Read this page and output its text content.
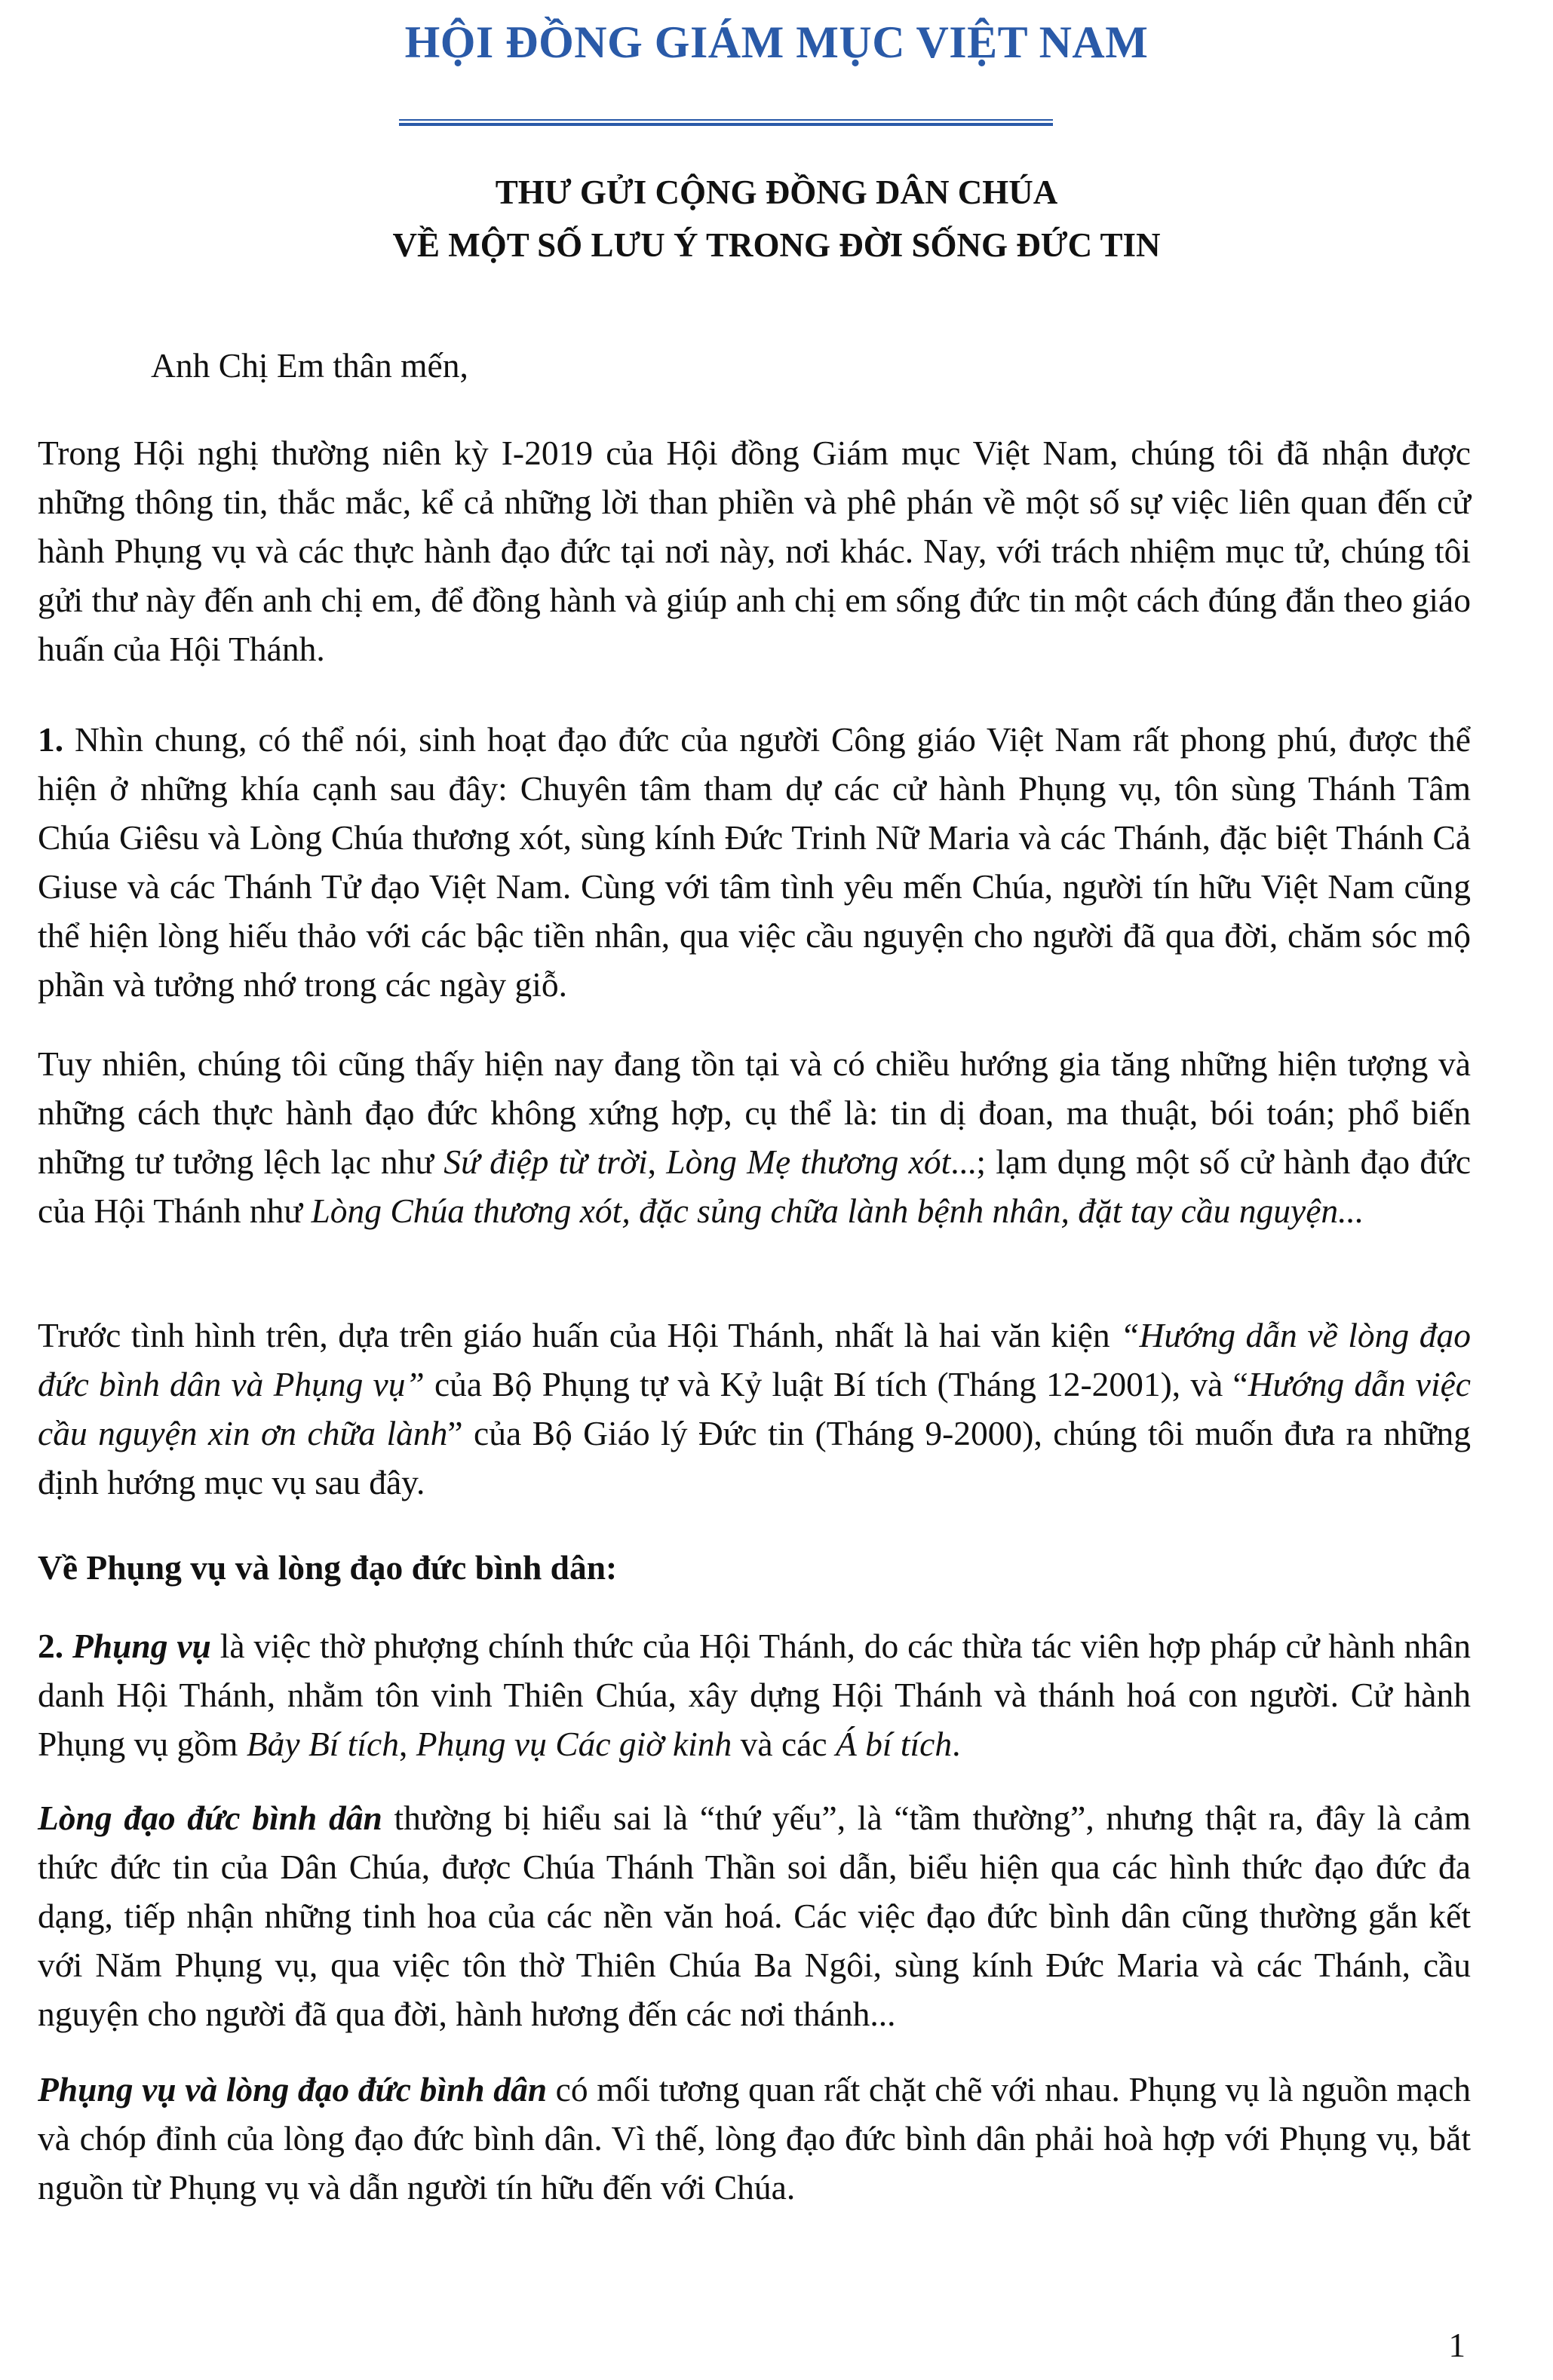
HỘI ĐỒNG GIÁM MỤC VIỆT NAM
THƯ GỬI CỘNG ĐỒNG DÂN CHÚA
VỀ MỘT SỐ LƯU Ý TRONG ĐỜI SỐNG ĐỨC TIN

Anh Chị Em thân mến,

Trong Hội nghị thường niên kỳ I-2019 của Hội đồng Giám mục Việt Nam, chúng tôi đã nhận được những thông tin, thắc mắc, kể cả những lời than phiền và phê phán về một số sự việc liên quan đến cử hành Phụng vụ và các thực hành đạo đức tại nơi này, nơi khác. Nay, với trách nhiệm mục tử, chúng tôi gửi thư này đến anh chị em, để đồng hành và giúp anh chị em sống đức tin một cách đúng đắn theo giáo huấn của Hội Thánh.

1. Nhìn chung, có thể nói, sinh hoạt đạo đức của người Công giáo Việt Nam rất phong phú, được thể hiện ở những khía cạnh sau đây: Chuyên tâm tham dự các cử hành Phụng vụ, tôn sùng Thánh Tâm Chúa Giêsu và Lòng Chúa thương xót, sùng kính Đức Trinh Nữ Maria và các Thánh, đặc biệt Thánh Cả Giuse và các Thánh Tử đạo Việt Nam. Cùng với tâm tình yêu mến Chúa, người tín hữu Việt Nam cũng thể hiện lòng hiếu thảo với các bậc tiền nhân, qua việc cầu nguyện cho người đã qua đời, chăm sóc mộ phần và tưởng nhớ trong các ngày giỗ.

Tuy nhiên, chúng tôi cũng thấy hiện nay đang tồn tại và có chiều hướng gia tăng những hiện tượng và những cách thực hành đạo đức không xứng hợp, cụ thể là: tin dị đoan, ma thuật, bói toán; phổ biến những tư tưởng lệch lạc như Sứ điệp từ trời, Lòng Mẹ thương xót...; lạm dụng một số cử hành đạo đức của Hội Thánh như Lòng Chúa thương xót, đặc sủng chữa lành bệnh nhân, đặt tay cầu nguyện...

Trước tình hình trên, dựa trên giáo huấn của Hội Thánh, nhất là hai văn kiện “Hướng dẫn về lòng đạo đức bình dân và Phụng vụ” của Bộ Phụng tự và Kỷ luật Bí tích (Tháng 12-2001), và “Hướng dẫn việc cầu nguyện xin ơn chữa lành” của Bộ Giáo lý Đức tin (Tháng 9-2000), chúng tôi muốn đưa ra những định hướng mục vụ sau đây.

Về Phụng vụ và lòng đạo đức bình dân:

2. Phụng vụ là việc thờ phượng chính thức của Hội Thánh, do các thừa tác viên hợp pháp cử hành nhân danh Hội Thánh, nhằm tôn vinh Thiên Chúa, xây dựng Hội Thánh và thánh hoá con người. Cử hành Phụng vụ gồm Bảy Bí tích, Phụng vụ Các giờ kinh và các Á bí tích.

Lòng đạo đức bình dân thường bị hiểu sai là “thứ yếu”, là “tầm thường”, nhưng thật ra, đây là cảm thức đức tin của Dân Chúa, được Chúa Thánh Thần soi dẫn, biểu hiện qua các hình thức đạo đức đa dạng, tiếp nhận những tinh hoa của các nền văn hoá. Các việc đạo đức bình dân cũng thường gắn kết với Năm Phụng vụ, qua việc tôn thờ Thiên Chúa Ba Ngôi, sùng kính Đức Maria và các Thánh, cầu nguyện cho người đã qua đời, hành hương đến các nơi thánh...

Phụng vụ và lòng đạo đức bình dân có mối tương quan rất chặt chẽ với nhau. Phụng vụ là nguồn mạch và chóp đỉnh của lòng đạo đức bình dân. Vì thế, lòng đạo đức bình dân phải hoà hợp với Phụng vụ, bắt nguồn từ Phụng vụ và dẫn người tín hữu đến với Chúa.

1
